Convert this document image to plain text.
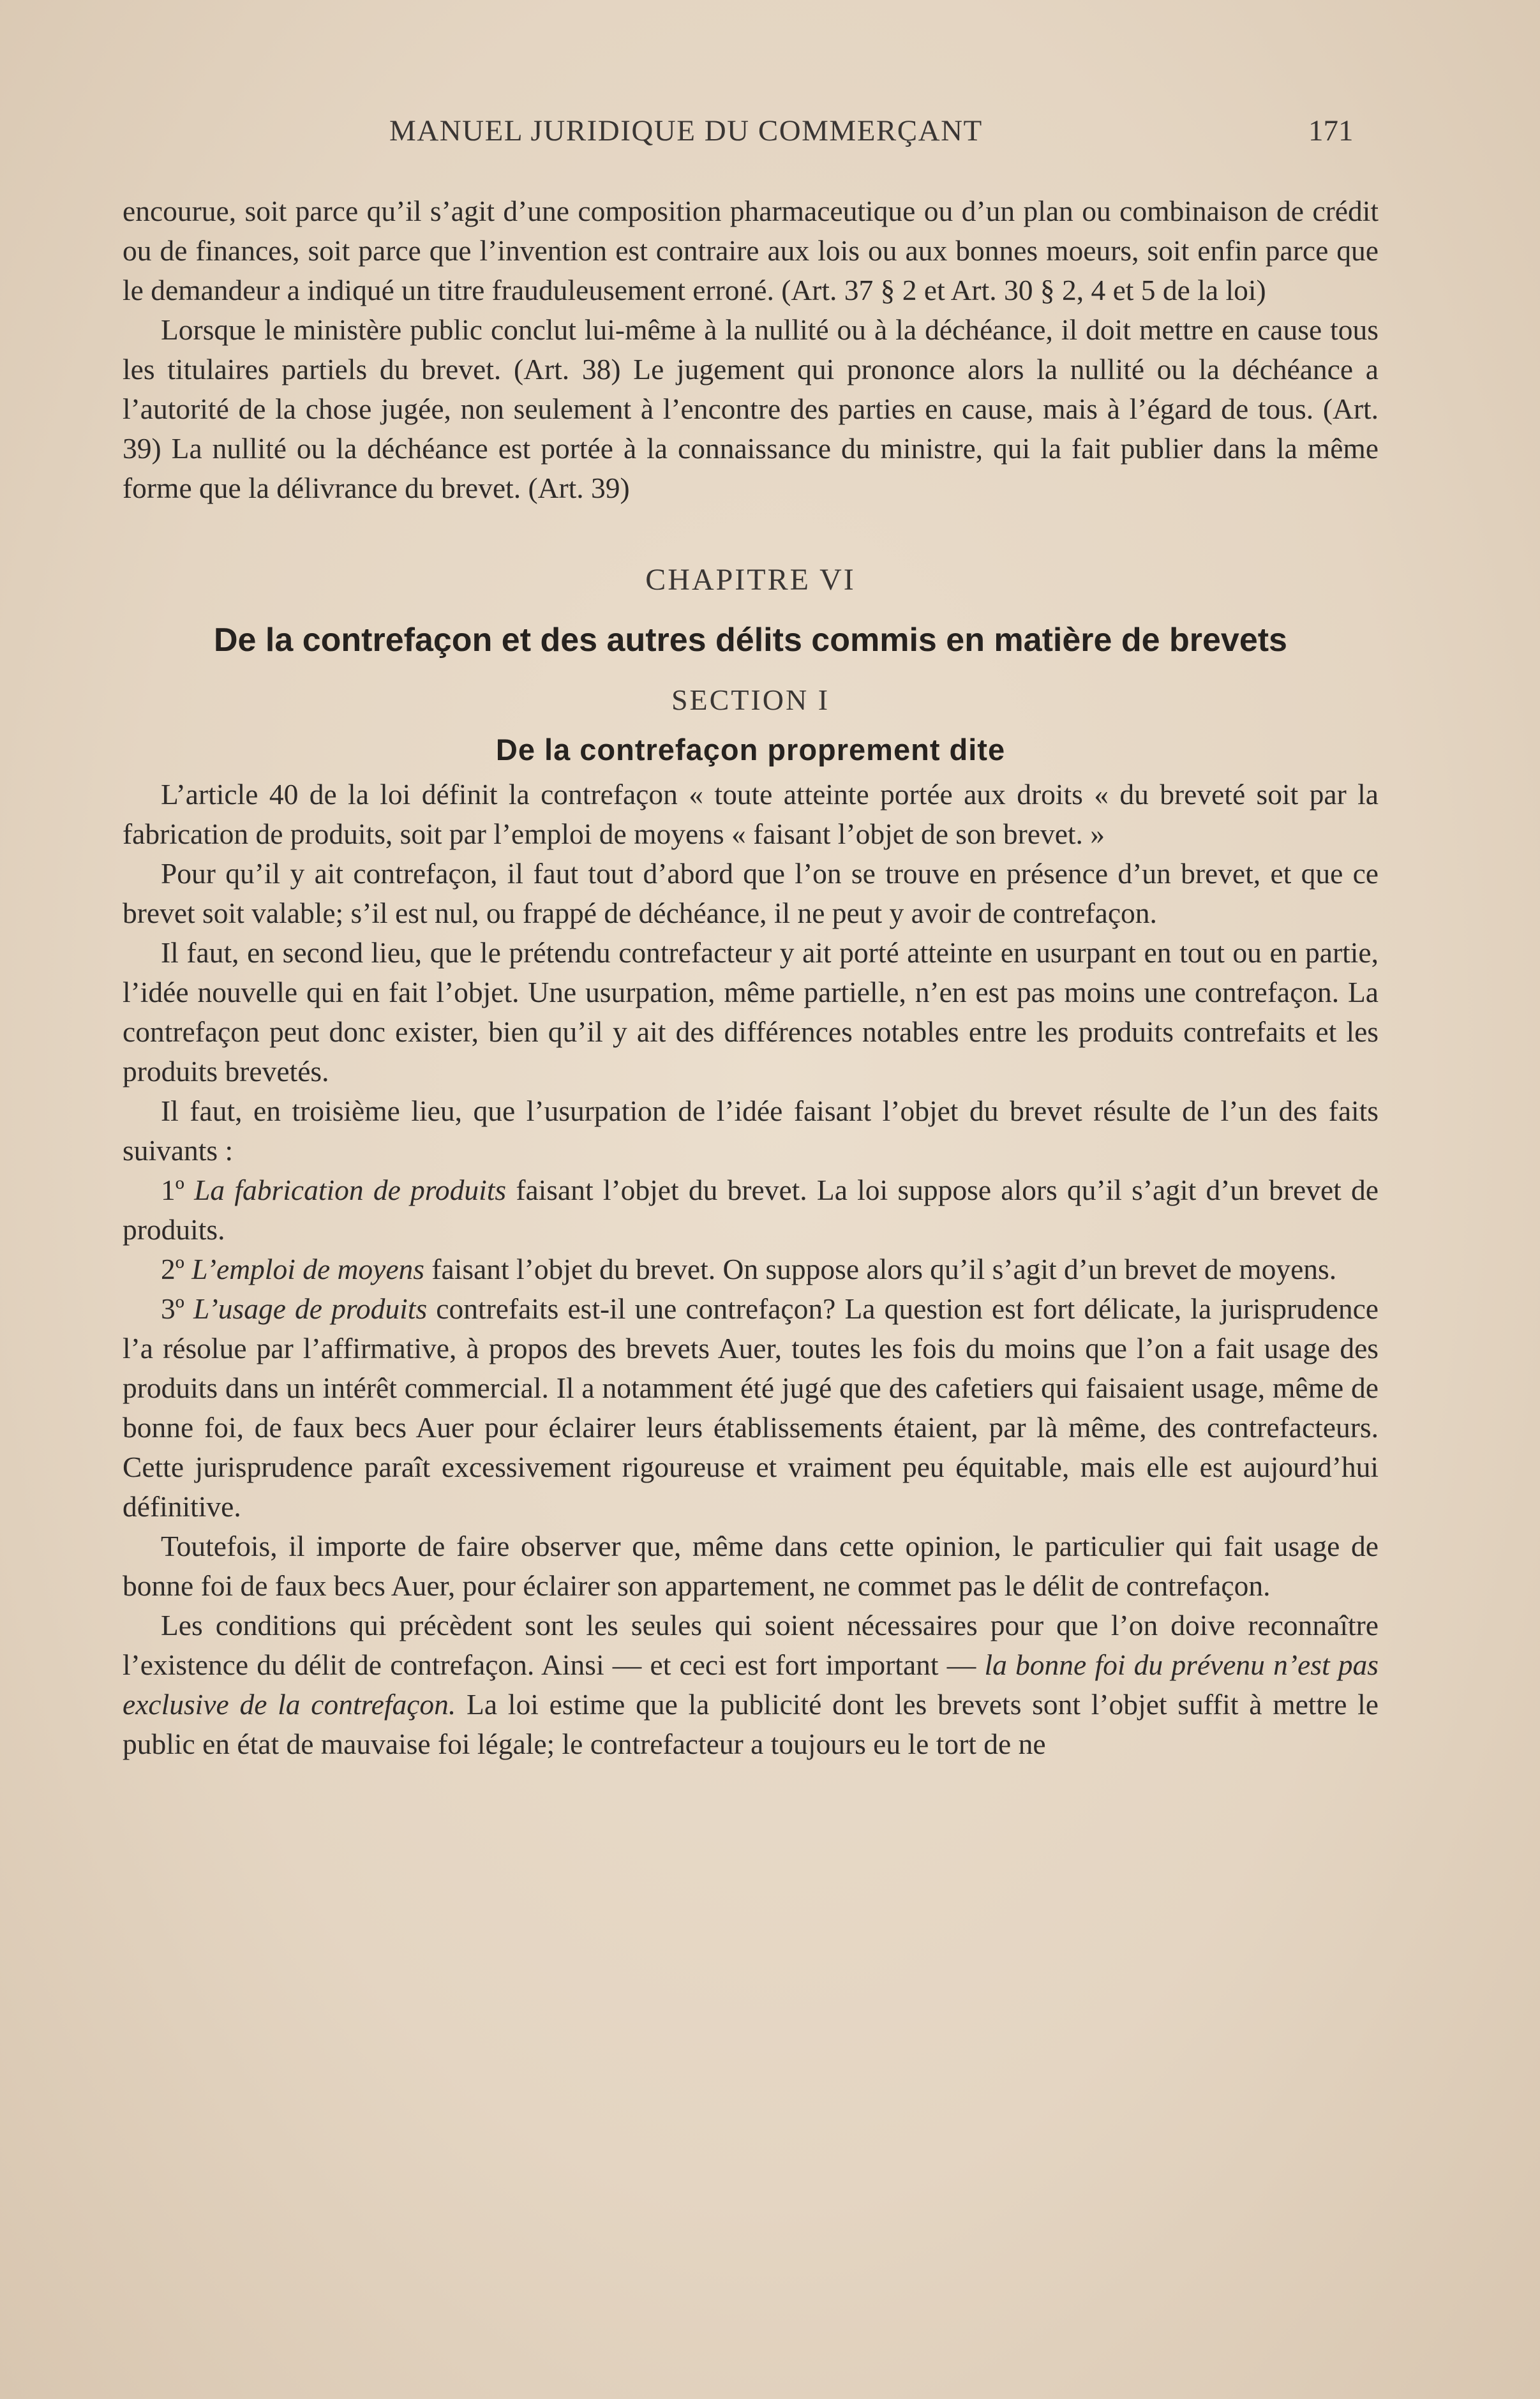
MANUEL JURIDIQUE DU COMMERÇANT	171

encourue, soit parce qu’il s’agit d’une composition pharmaceutique ou d’un plan ou combinaison de crédit ou de finances, soit parce que l’invention est contraire aux lois ou aux bonnes moeurs, soit enfin parce que le demandeur a indiqué un titre frauduleusement erroné. (Art. 37 § 2 et Art. 30 § 2, 4 et 5 de la loi)

Lorsque le ministère public conclut lui-même à la nullité ou à la déchéance, il doit mettre en cause tous les titulaires partiels du brevet. (Art. 38) Le jugement qui prononce alors la nullité ou la déchéance a l’autorité de la chose jugée, non seulement à l’encontre des parties en cause, mais à l’égard de tous. (Art. 39) La nullité ou la déchéance est portée à la connaissance du ministre, qui la fait publier dans la même forme que la délivrance du brevet. (Art. 39)

CHAPITRE VI
De la contrefaçon et des autres délits commis en matière de brevets
SECTION I
De la contrefaçon proprement dite

L’article 40 de la loi définit la contrefaçon « toute atteinte portée aux droits « du breveté soit par la fabrication de produits, soit par l’emploi de moyens « faisant l’objet de son brevet. »

Pour qu’il y ait contrefaçon, il faut tout d’abord que l’on se trouve en présence d’un brevet, et que ce brevet soit valable; s’il est nul, ou frappé de déchéance, il ne peut y avoir de contrefaçon.

Il faut, en second lieu, que le prétendu contrefacteur y ait porté atteinte en usurpant en tout ou en partie, l’idée nouvelle qui en fait l’objet. Une usurpation, même partielle, n’en est pas moins une contrefaçon. La contrefaçon peut donc exister, bien qu’il y ait des différences notables entre les produits contrefaits et les produits brevetés.

Il faut, en troisième lieu, que l’usurpation de l’idée faisant l’objet du brevet résulte de l’un des faits suivants :

1º La fabrication de produits faisant l’objet du brevet. La loi suppose alors qu’il s’agit d’un brevet de produits.

2º L’emploi de moyens faisant l’objet du brevet. On suppose alors qu’il s’agit d’un brevet de moyens.

3º L’usage de produits contrefaits est-il une contrefaçon? La question est fort délicate, la jurisprudence l’a résolue par l’affirmative, à propos des brevets Auer, toutes les fois du moins que l’on a fait usage des produits dans un intérêt commercial. Il a notamment été jugé que des cafetiers qui faisaient usage, même de bonne foi, de faux becs Auer pour éclairer leurs établissements étaient, par là même, des contrefacteurs. Cette jurisprudence paraît excessivement rigoureuse et vraiment peu équitable, mais elle est aujourd’hui définitive.

Toutefois, il importe de faire observer que, même dans cette opinion, le particulier qui fait usage de bonne foi de faux becs Auer, pour éclairer son appartement, ne commet pas le délit de contrefaçon.

Les conditions qui précèdent sont les seules qui soient nécessaires pour que l’on doive reconnaître l’existence du délit de contrefaçon. Ainsi — et ceci est fort important — la bonne foi du prévenu n’est pas exclusive de la contrefaçon. La loi estime que la publicité dont les brevets sont l’objet suffit à mettre le public en état de mauvaise foi légale; le contrefacteur a toujours eu le tort de ne
